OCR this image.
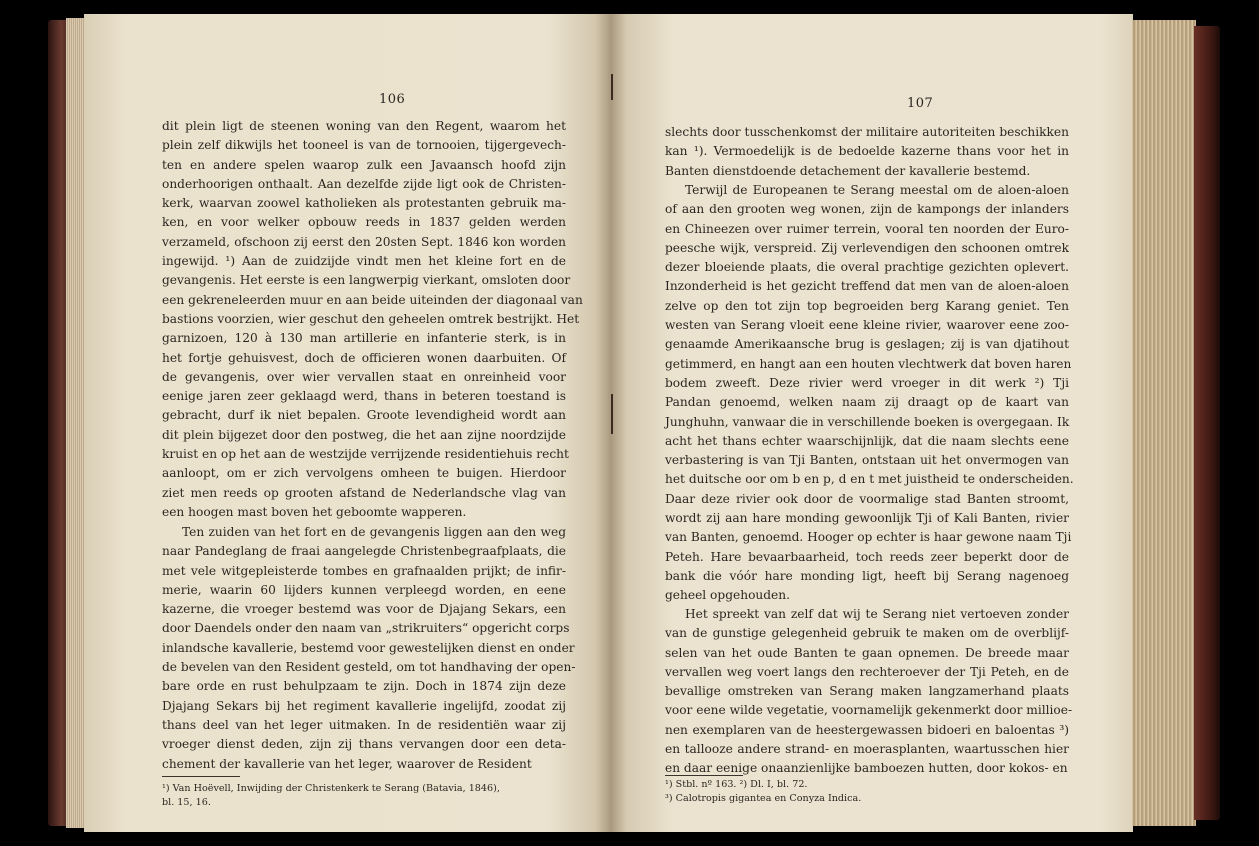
106
dit plein ligt de steenen woning van den Regent, waarom het
plein zelf dikwijls het tooneel is van de tornooien, tijgergevech-
ten en andere spelen waarop zulk een Javaansch hoofd zijn
onderhoorigen onthaalt. Aan dezelfde zijde ligt ook de Christen-
kerk, waarvan zoowel katholieken als protestanten gebruik ma-
ken, en voor welker opbouw reeds in 1837 gelden werden
verzameld, ofschoon zij eerst den 20sten Sept. 1846 kon worden
ingewijd. ¹) Aan de zuidzijde vindt men het kleine fort en de
gevangenis. Het eerste is een langwerpig vierkant, omsloten door
een gekreneleerden muur en aan beide uiteinden der diagonaal van
bastions voorzien, wier geschut den geheelen omtrek bestrijkt. Het
garnizoen, 120 à 130 man artillerie en infanterie sterk, is in
het fortje gehuisvest, doch de officieren wonen daarbuiten. Of
de gevangenis, over wier vervallen staat en onreinheid voor
eenige jaren zeer geklaagd werd, thans in beteren toestand is
gebracht, durf ik niet bepalen. Groote levendigheid wordt aan
dit plein bijgezet door den postweg, die het aan zijne noordzijde
kruist en op het aan de westzijde verrijzende residentiehuis recht
aanloopt, om er zich vervolgens omheen te buigen. Hierdoor
ziet men reeds op grooten afstand de Nederlandsche vlag van
een hoogen mast boven het geboomte wapperen.
Ten zuiden van het fort en de gevangenis liggen aan den weg
naar Pandeglang de fraai aangelegde Christenbegraafplaats, die
met vele witgepleisterde tombes en grafnaalden prijkt; de infir-
merie, waarin 60 lijders kunnen verpleegd worden, en eene
kazerne, die vroeger bestemd was voor de Djajang Sekars, een
door Daendels onder den naam van „strikruiters“ opgericht corps
inlandsche kavallerie, bestemd voor gewestelijken dienst en onder
de bevelen van den Resident gesteld, om tot handhaving der open-
bare orde en rust behulpzaam te zijn. Doch in 1874 zijn deze
Djajang Sekars bij het regiment kavallerie ingelijfd, zoodat zij
thans deel van het leger uitmaken. In de residentiën waar zij
vroeger dienst deden, zijn zij thans vervangen door een deta-
chement der kavallerie van het leger, waarover de Resident
¹) Van Hoëvell, Inwijding der Christenkerk te Serang (Batavia, 1846),
bl. 15, 16.
107
slechts door tusschenkomst der militaire autoriteiten beschikken
kan ¹). Vermoedelijk is de bedoelde kazerne thans voor het in
Banten dienstdoende detachement der kavallerie bestemd.
Terwijl de Europeanen te Serang meestal om de aloen-aloen
of aan den grooten weg wonen, zijn de kampongs der inlanders
en Chineezen over ruimer terrein, vooral ten noorden der Euro-
peesche wijk, verspreid. Zij verlevendigen den schoonen omtrek
dezer bloeiende plaats, die overal prachtige gezichten oplevert.
Inzonderheid is het gezicht treffend dat men van de aloen-aloen
zelve op den tot zijn top begroeiden berg Karang geniet. Ten
westen van Serang vloeit eene kleine rivier, waarover eene zoo-
genaamde Amerikaansche brug is geslagen; zij is van djatihout
getimmerd, en hangt aan een houten vlechtwerk dat boven haren
bodem zweeft. Deze rivier werd vroeger in dit werk ²) Tji
Pandan genoemd, welken naam zij draagt op de kaart van
Junghuhn, vanwaar die in verschillende boeken is overgegaan. Ik
acht het thans echter waarschijnlijk, dat die naam slechts eene
verbastering is van Tji Banten, ontstaan uit het onvermogen van
het duitsche oor om b en p, d en t met juistheid te onderscheiden.
Daar deze rivier ook door de voormalige stad Banten stroomt,
wordt zij aan hare monding gewoonlijk Tji of Kali Banten, rivier
van Banten, genoemd. Hooger op echter is haar gewone naam Tji
Peteh. Hare bevaarbaarheid, toch reeds zeer beperkt door de
bank die vóór hare monding ligt, heeft bij Serang nagenoeg
geheel opgehouden.
Het spreekt van zelf dat wij te Serang niet vertoeven zonder
van de gunstige gelegenheid gebruik te maken om de overblijf-
selen van het oude Banten te gaan opnemen. De breede maar
vervallen weg voert langs den rechteroever der Tji Peteh, en de
bevallige omstreken van Serang maken langzamerhand plaats
voor eene wilde vegetatie, voornamelijk gekenmerkt door millioe-
nen exemplaren van de heestergewassen bidoeri en baloentas ³)
en tallooze andere strand- en moerasplanten, waartusschen hier
en daar eenige onaanzienlijke bamboezen hutten, door kokos- en
¹) Stbl. nº 163. ²) Dl. I, bl. 72.
³) Calotropis gigantea en Conyza Indica.
